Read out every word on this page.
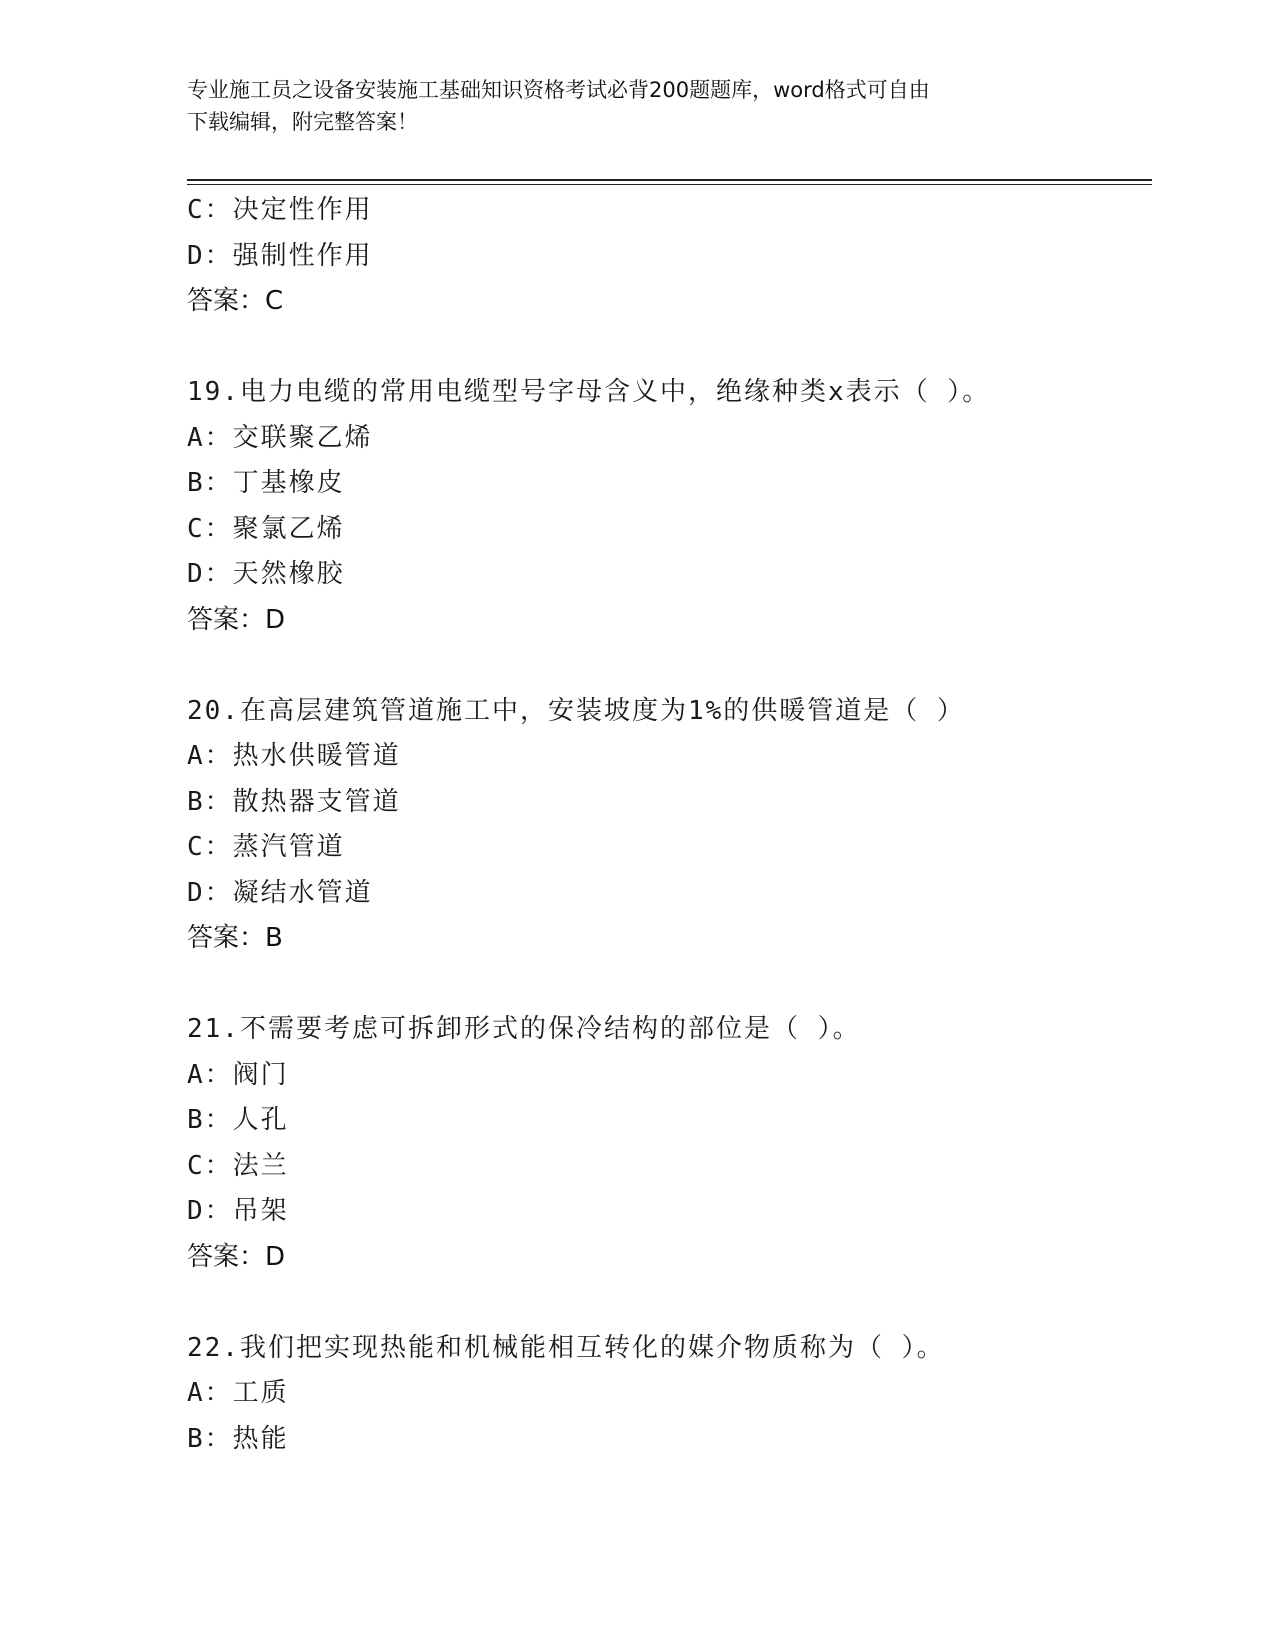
专业施工员之设备安装施工基础知识资格考试必背200题题库，word格式可自由
下载编辑，附完整答案！
C：决定性作用
D：强制性作用
答案：C
19.电力电缆的常用电缆型号字母含义中，绝缘种类x表示（ ）。
A：交联聚乙烯
B：丁基橡皮
C：聚氯乙烯
D：天然橡胶
答案：D
20.在高层建筑管道施工中，安装坡度为1%的供暖管道是（ ）
A：热水供暖管道
B：散热器支管道
C：蒸汽管道
D：凝结水管道
答案：B
21.不需要考虑可拆卸形式的保冷结构的部位是（ ）。
A：阀门
B：人孔
C：法兰
D：吊架
答案：D
22.我们把实现热能和机械能相互转化的媒介物质称为（ ）。
A：工质
B：热能
